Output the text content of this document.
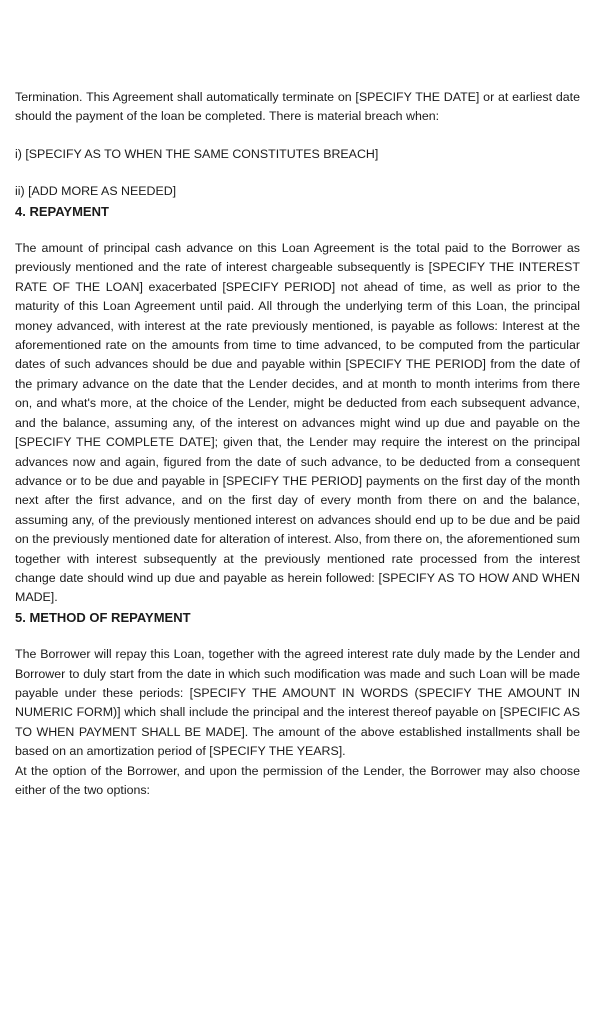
Termination. This Agreement shall automatically terminate on [SPECIFY THE DATE] or at earliest date should the payment of the loan be completed. There is material breach when:

i) [SPECIFY AS TO WHEN THE SAME CONSTITUTES BREACH]

ii) [ADD MORE AS NEEDED]

4. REPAYMENT

The amount of principal cash advance on this Loan Agreement is the total paid to the Borrower as previously mentioned and the rate of interest chargeable subsequently is [SPECIFY THE INTEREST RATE OF THE LOAN] exacerbated [SPECIFY PERIOD] not ahead of time, as well as prior to the maturity of this Loan Agreement until paid. All through the underlying term of this Loan, the principal money advanced, with interest at the rate previously mentioned, is payable as follows: Interest at the aforementioned rate on the amounts from time to time advanced, to be computed from the particular dates of such advances should be due and payable within [SPECIFY THE PERIOD] from the date of the primary advance on the date that the Lender decides, and at month to month interims from there on, and what's more, at the choice of the Lender, might be deducted from each subsequent advance, and the balance, assuming any, of the interest on advances might wind up due and payable on the [SPECIFY THE COMPLETE DATE]; given that, the Lender may require the interest on the principal advances now and again, figured from the date of such advance, to be deducted from a consequent advance or to be due and payable in [SPECIFY THE PERIOD] payments on the first day of the month next after the first advance, and on the first day of every month from there on and the balance, assuming any, of the previously mentioned interest on advances should end up to be due and be paid on the previously mentioned date for alteration of interest. Also, from there on, the aforementioned sum together with interest subsequently at the previously mentioned rate processed from the interest change date should wind up due and payable as herein followed: [SPECIFY AS TO HOW AND WHEN MADE].

5. METHOD OF REPAYMENT

The Borrower will repay this Loan, together with the agreed interest rate duly made by the Lender and Borrower to duly start from the date in which such modification was made and such Loan will be made payable under these periods: [SPECIFY THE AMOUNT IN WORDS (SPECIFY THE AMOUNT IN NUMERIC FORM)] which shall include the principal and the interest thereof payable on [SPECIFIC AS TO WHEN PAYMENT SHALL BE MADE]. The amount of the above established installments shall be based on an amortization period of [SPECIFY THE YEARS].

At the option of the Borrower, and upon the permission of the Lender, the Borrower may also choose either of the two options:
